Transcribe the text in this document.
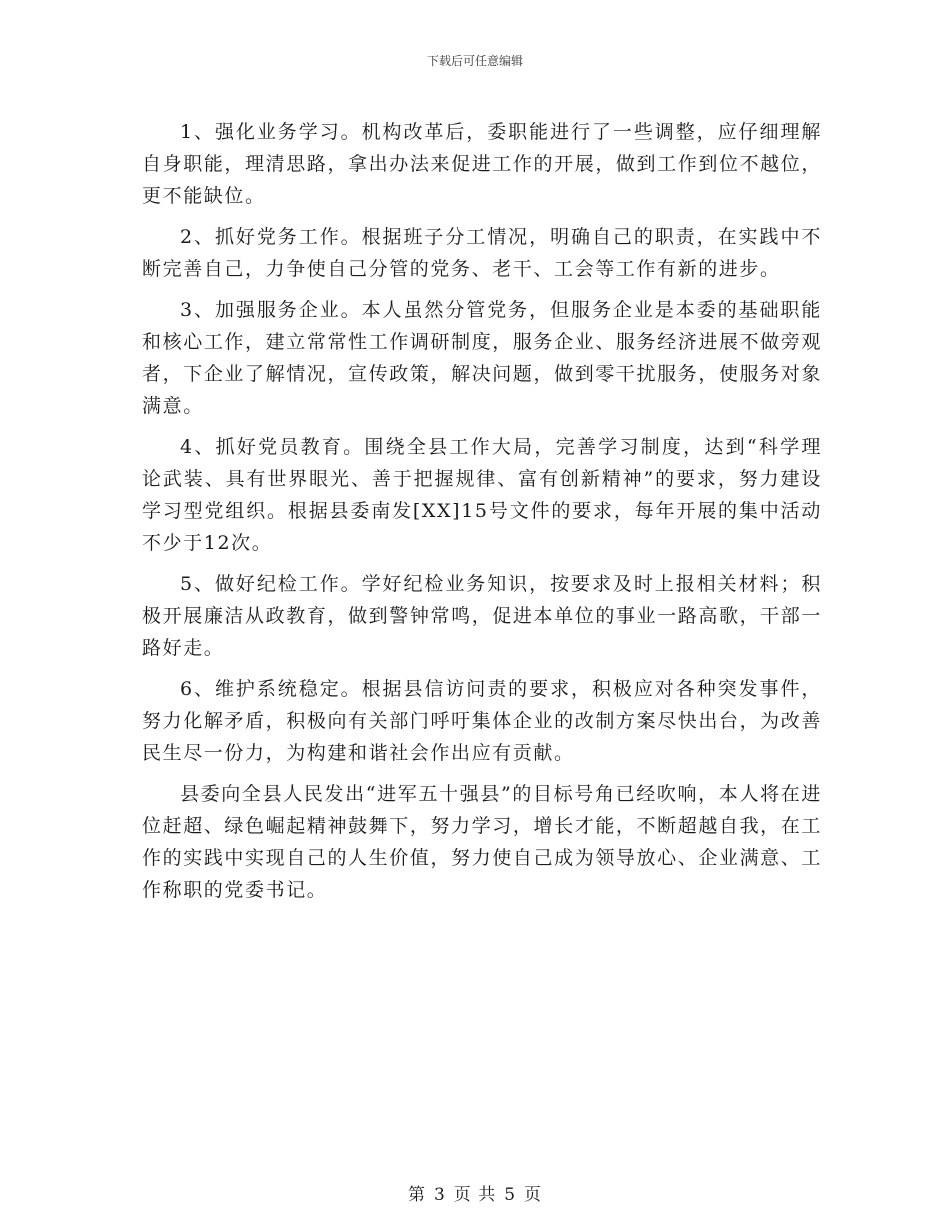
下载后可任意编辑

1、强化业务学习。机构改革后，委职能进行了一些调整，应仔细理解自身职能，理清思路，拿出办法来促进工作的开展，做到工作到位不越位，更不能缺位。

2、抓好党务工作。根据班子分工情况，明确自己的职责，在实践中不断完善自己，力争使自己分管的党务、老干、工会等工作有新的进步。

3、加强服务企业。本人虽然分管党务，但服务企业是本委的基础职能和核心工作，建立常常性工作调研制度，服务企业、服务经济进展不做旁观者，下企业了解情况，宣传政策，解决问题，做到零干扰服务，使服务对象满意。

4、抓好党员教育。围绕全县工作大局，完善学习制度，达到“科学理论武装、具有世界眼光、善于把握规律、富有创新精神”的要求，努力建设学习型党组织。根据县委南发[XX]15号文件的要求，每年开展的集中活动不少于12次。

5、做好纪检工作。学好纪检业务知识，按要求及时上报相关材料；积极开展廉洁从政教育，做到警钟常鸣，促进本单位的事业一路高歌，干部一路好走。

6、维护系统稳定。根据县信访问责的要求，积极应对各种突发事件，努力化解矛盾，积极向有关部门呼吁集体企业的改制方案尽快出台，为改善民生尽一份力，为构建和谐社会作出应有贡献。

县委向全县人民发出“进军五十强县”的目标号角已经吹响，本人将在进位赶超、绿色崛起精神鼓舞下，努力学习，增长才能，不断超越自我，在工作的实践中实现自己的人生价值，努力使自己成为领导放心、企业满意、工作称职的党委书记。

第 3 页 共 5 页
